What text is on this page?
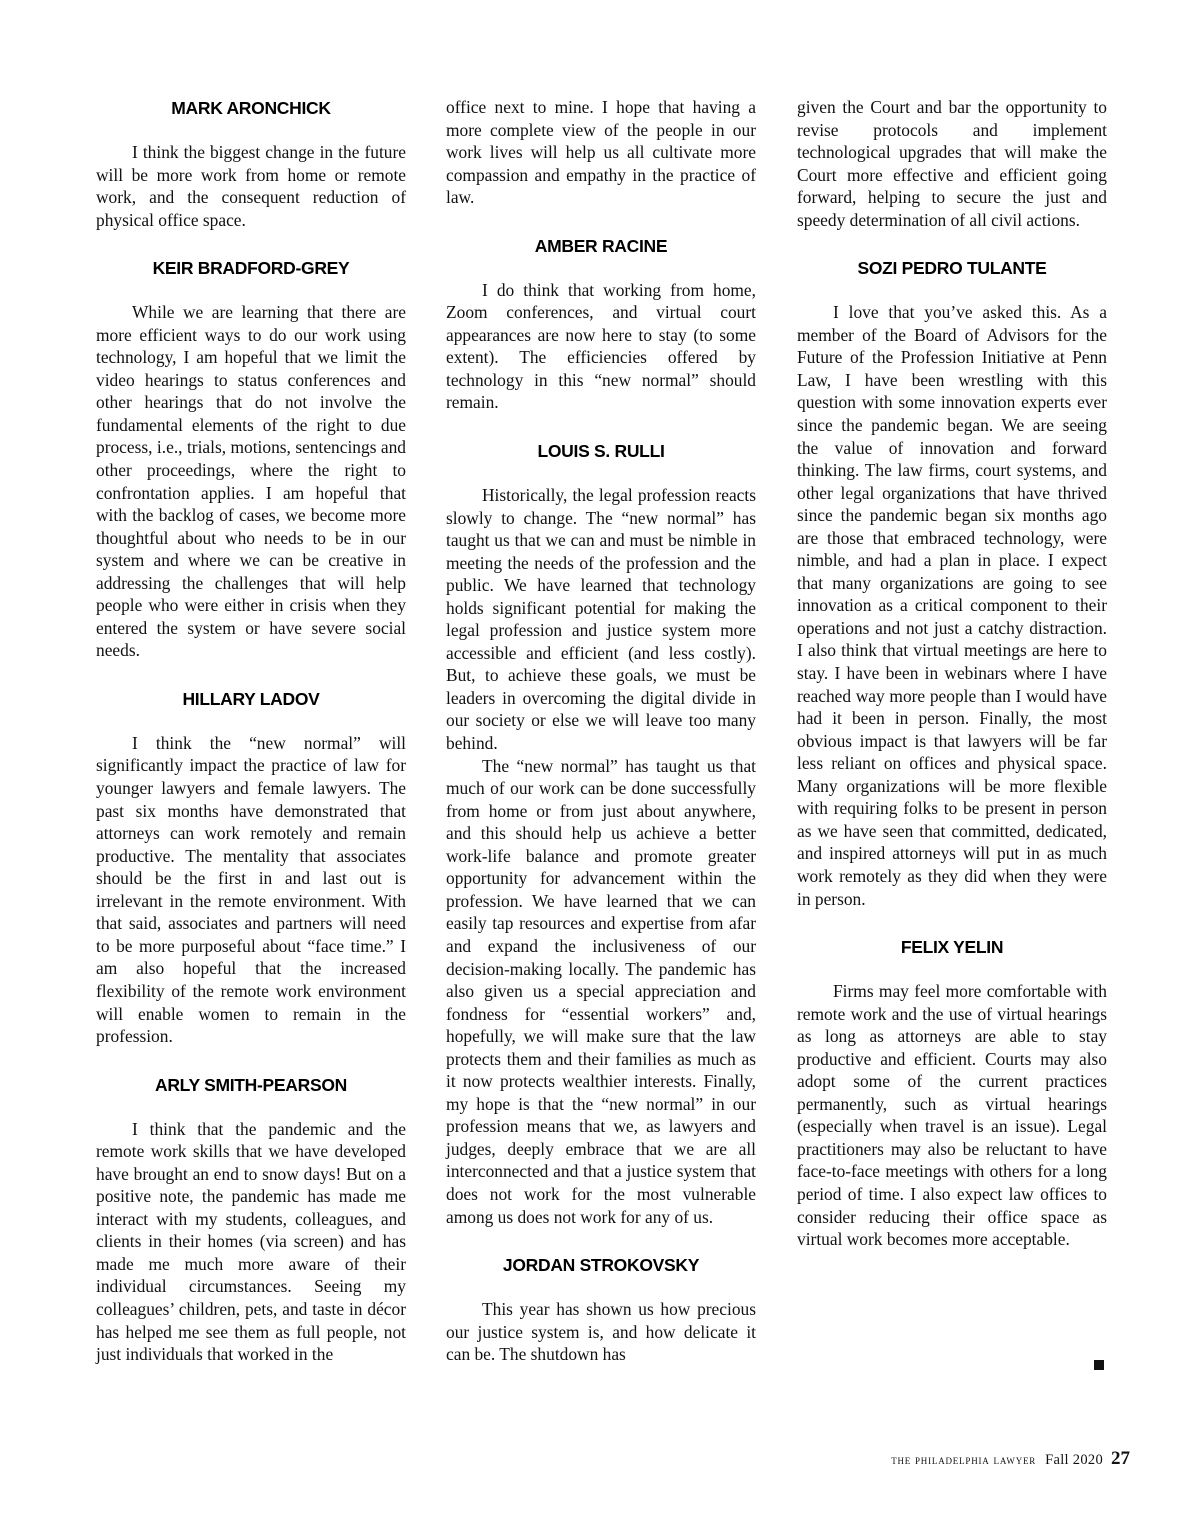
MARK ARONCHICK

I think the biggest change in the future will be more work from home or remote work, and the consequent reduction of physical office space.

KEIR BRADFORD-GREY

While we are learning that there are more efficient ways to do our work using technology, I am hopeful that we limit the video hearings to status conferences and other hearings that do not involve the fundamental elements of the right to due process, i.e., trials, motions, sentencings and other proceedings, where the right to confrontation applies. I am hopeful that with the backlog of cases, we become more thoughtful about who needs to be in our system and where we can be creative in addressing the challenges that will help people who were either in crisis when they entered the system or have severe social needs.

HILLARY LADOV

I think the “new normal” will significantly impact the practice of law for younger lawyers and female lawyers. The past six months have demonstrated that attorneys can work remotely and remain productive. The mentality that associates should be the first in and last out is irrelevant in the remote environment. With that said, associates and partners will need to be more purposeful about “face time.” I am also hopeful that the increased flexibility of the remote work environment will enable women to remain in the profession.

ARLY SMITH-PEARSON

I think that the pandemic and the remote work skills that we have developed have brought an end to snow days! But on a positive note, the pandemic has made me interact with my students, colleagues, and clients in their homes (via screen) and has made me much more aware of their individual circumstances. Seeing my colleagues’ children, pets, and taste in décor has helped me see them as full people, not just individuals that worked in the

office next to mine. I hope that having a more complete view of the people in our work lives will help us all cultivate more compassion and empathy in the practice of law.

AMBER RACINE

I do think that working from home, Zoom conferences, and virtual court appearances are now here to stay (to some extent). The efficiencies offered by technology in this “new normal” should remain.

LOUIS S. RULLI

Historically, the legal profession reacts slowly to change. The “new normal” has taught us that we can and must be nimble in meeting the needs of the profession and the public. We have learned that technology holds significant potential for making the legal profession and justice system more accessible and efficient (and less costly). But, to achieve these goals, we must be leaders in overcoming the digital divide in our society or else we will leave too many behind.

The “new normal” has taught us that much of our work can be done successfully from home or from just about anywhere, and this should help us achieve a better work-life balance and promote greater opportunity for advancement within the profession. We have learned that we can easily tap resources and expertise from afar and expand the inclusiveness of our decision-making locally. The pandemic has also given us a special appreciation and fondness for “essential workers” and, hopefully, we will make sure that the law protects them and their families as much as it now protects wealthier interests. Finally, my hope is that the “new normal” in our profession means that we, as lawyers and judges, deeply embrace that we are all interconnected and that a justice system that does not work for the most vulnerable among us does not work for any of us.

JORDAN STROKOVSKY

This year has shown us how precious our justice system is, and how delicate it can be. The shutdown has

given the Court and bar the opportunity to revise protocols and implement technological upgrades that will make the Court more effective and efficient going forward, helping to secure the just and speedy determination of all civil actions.

SOZI PEDRO TULANTE

I love that you’ve asked this. As a member of the Board of Advisors for the Future of the Profession Initiative at Penn Law, I have been wrestling with this question with some innovation experts ever since the pandemic began. We are seeing the value of innovation and forward thinking. The law firms, court systems, and other legal organizations that have thrived since the pandemic began six months ago are those that embraced technology, were nimble, and had a plan in place. I expect that many organizations are going to see innovation as a critical component to their operations and not just a catchy distraction. I also think that virtual meetings are here to stay. I have been in webinars where I have reached way more people than I would have had it been in person. Finally, the most obvious impact is that lawyers will be far less reliant on offices and physical space. Many organizations will be more flexible with requiring folks to be present in person as we have seen that committed, dedicated, and inspired attorneys will put in as much work remotely as they did when they were in person.

FELIX YELIN

Firms may feel more comfortable with remote work and the use of virtual hearings as long as attorneys are able to stay productive and efficient. Courts may also adopt some of the current practices permanently, such as virtual hearings (especially when travel is an issue). Legal practitioners may also be reluctant to have face-to-face meetings with others for a long period of time. I also expect law offices to consider reducing their office space as virtual work becomes more acceptable.

the philadelphia lawyer Fall 2020 27
